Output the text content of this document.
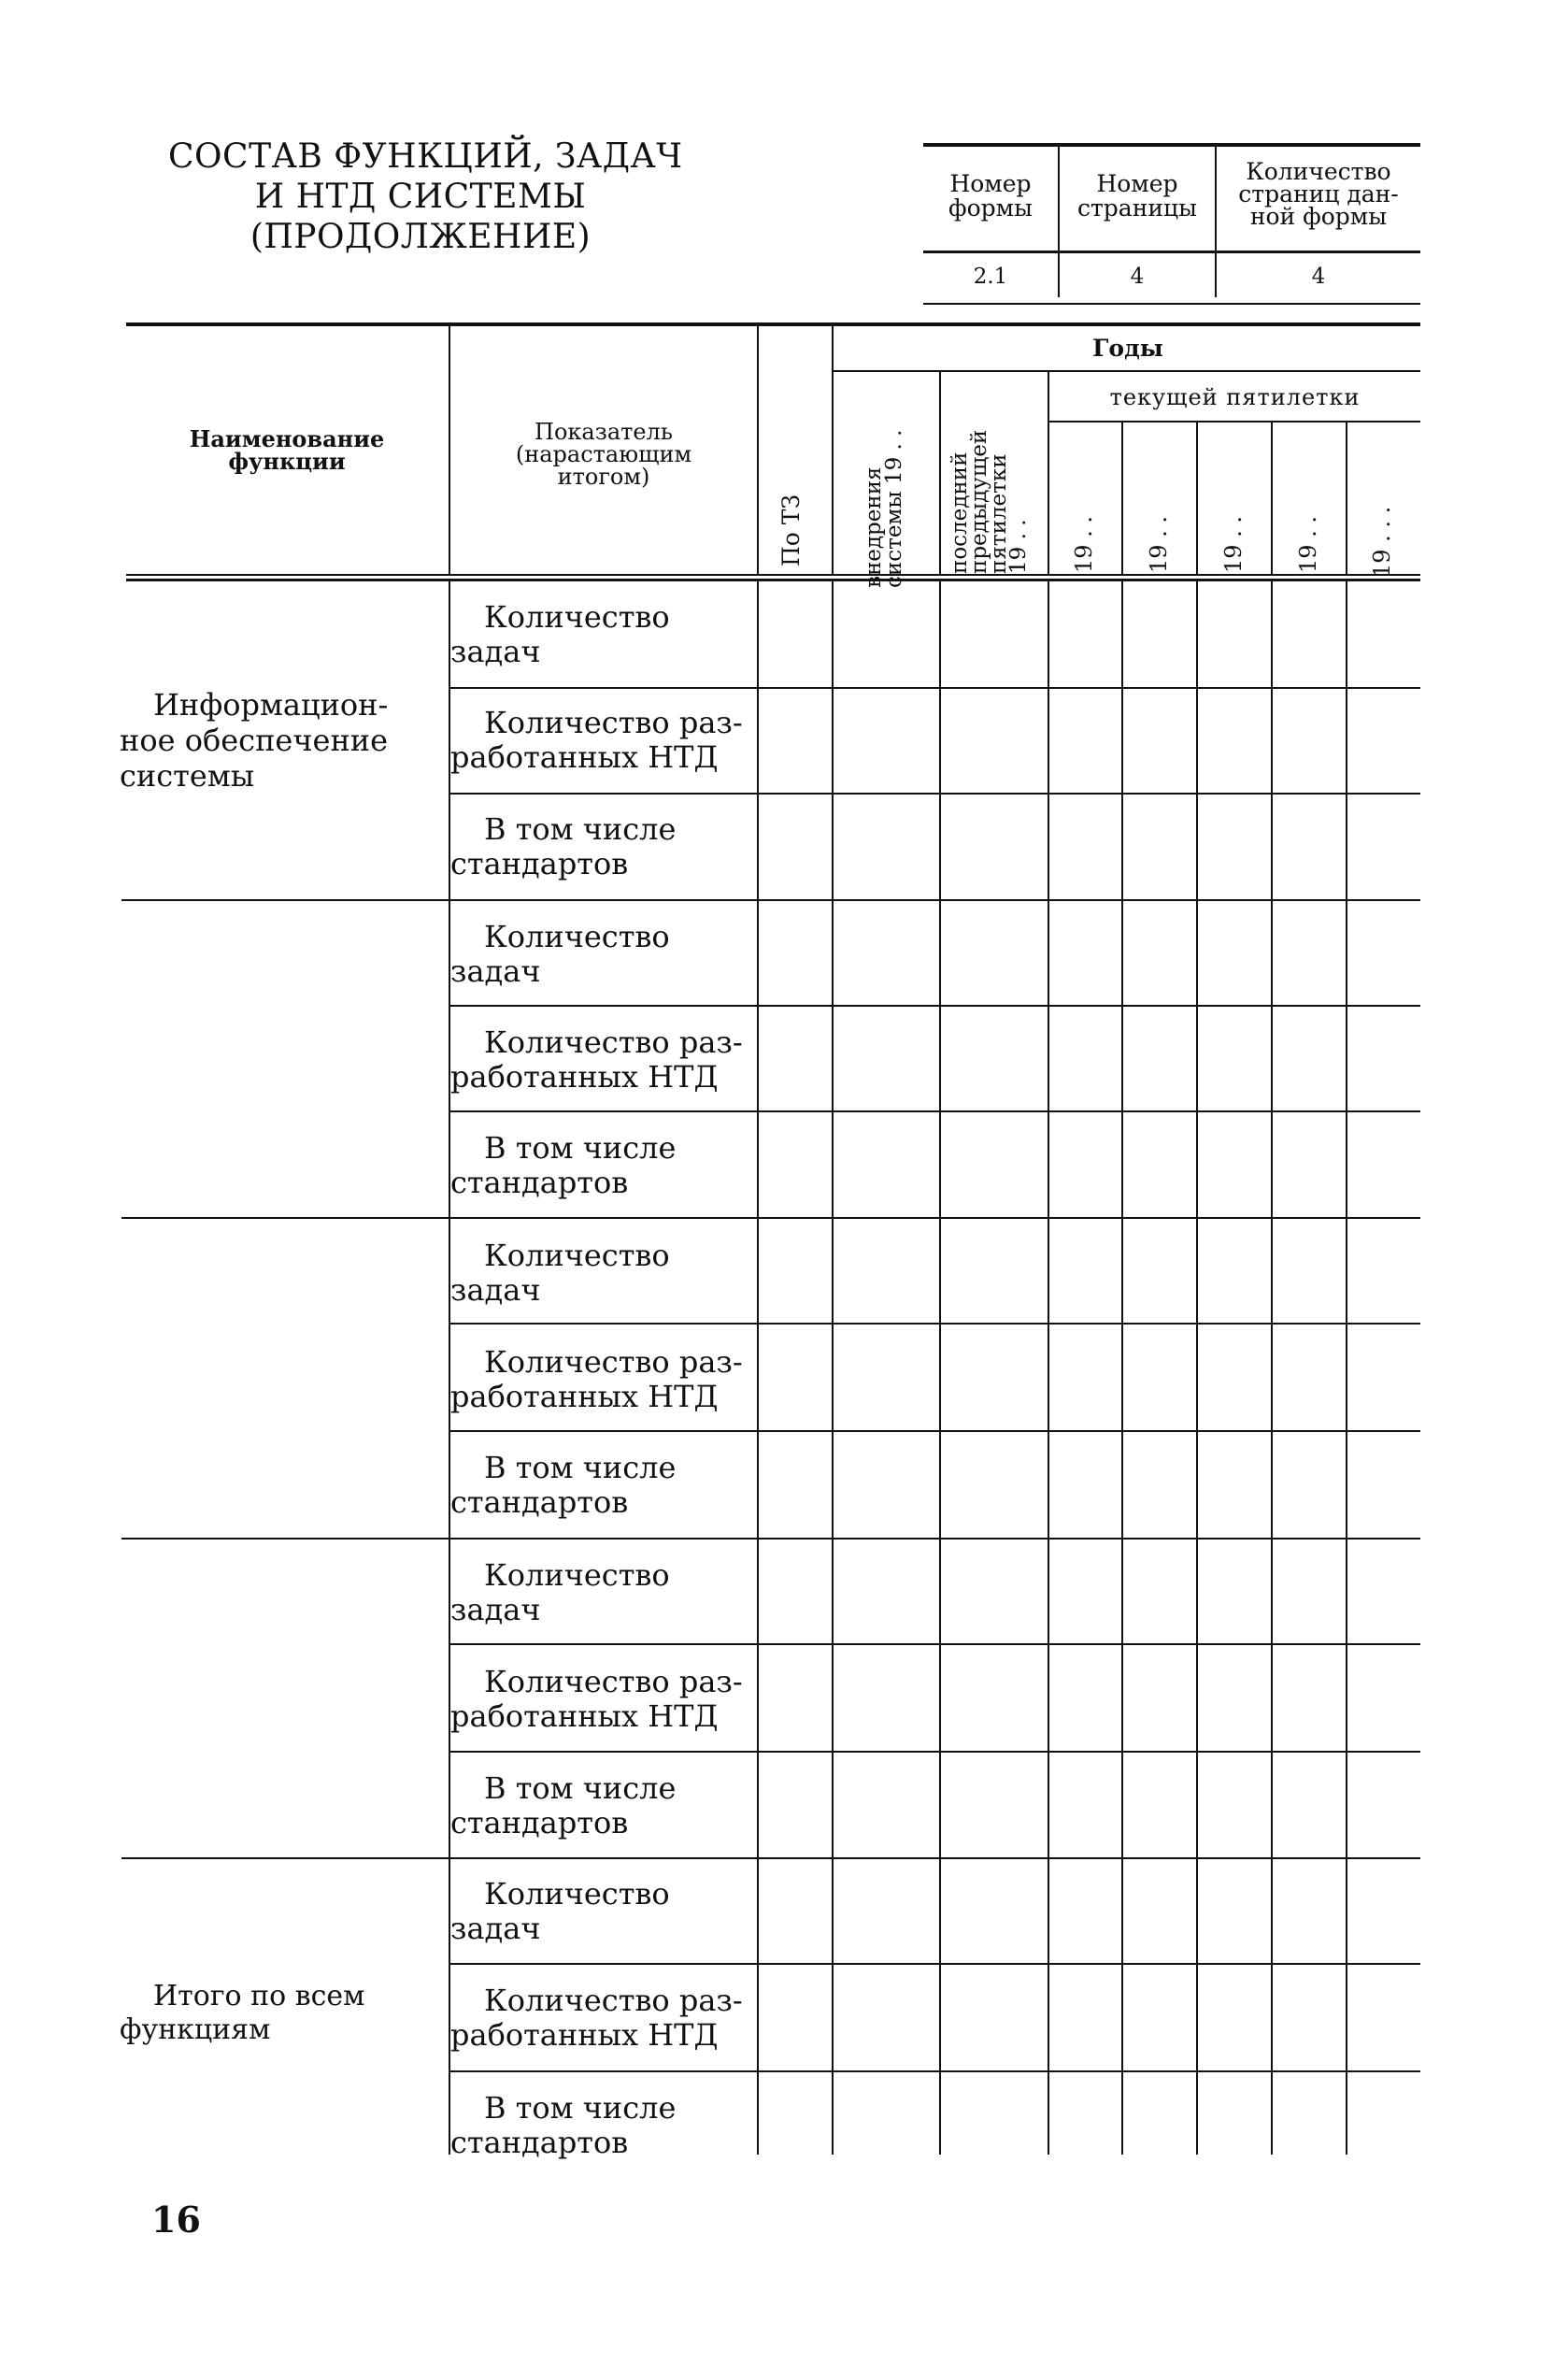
СОСТАВ ФУНКЦИЙ, ЗАДАЧ
И НТД СИСТЕМЫ
(ПРОДОЛЖЕНИЕ)
Номер
формы
Номер
страницы
Количество
страниц дан-
ной формы
2.1	4	4
Наименование
функции
Показатель
(нарастающим
итогом)
По ТЗ
Годы
внедрения
системы 19 . . последний
предыдущей
пятилетки
19 . .
текущей пятилетки
19 . . 19 . . 19 . . 19 . . 19 . . .
Информацион-
ное обеспечение
системы
Количество
задач
Количество раз-
работанных НТД
В том числе
стандартов
Количество
задач
Количество раз-
работанных НТД
В том числе
стандартов
Количество
задач
Количество раз-
работанных НТД
В том числе
стандартов
Количество
задач
Количество раз-
работанных НТД
В том числе
стандартов
Итого по всем
функциям
Количество
задач
Количество раз-
работанных НТД
В том числе
стандартов
16
